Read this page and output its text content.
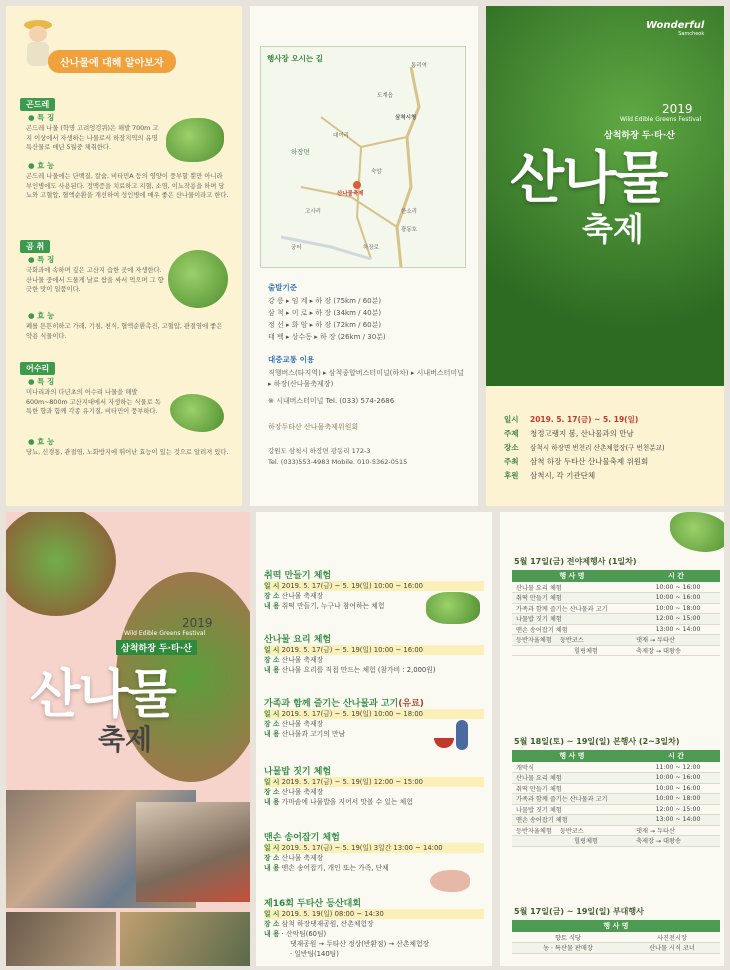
산나물에 대해 알아보자
곤드레
● 특 징
곤드레 나물 (학명 고려엉겅퀴)은 해발 700m 고지 이상에서 자생하는 나물로서 하장지역의 유명 특산물로 매년 5월중 채취한다.
● 효 능
곤드레 나물에는 단백질, 칼슘, 비타민A 등의 영양이 풍부할 뿐만 아니라 부인병에도 사용된다. 정맥증을 치료하고 지혈, 소염, 이뇨작용을 하며 당뇨와 고혈압, 혈액순환을 개선하여 성인병에 매우 좋은 산나물이라고 한다.
곰 취
● 특 징
국화과에 속하며 깊은 고산지 습한 곳에 자생한다. 산나물 중에서 드물게 날로 쌈을 싸서 먹으며 그 향긋한 맛이 일품이다.
● 효 능
폐를 튼튼히하고 가래, 기침, 천식, 혈액순환촉진, 고혈압, 관절염에 좋은 약용 식물이다.
어수리
● 특 징
미나리과의 다년초의 어수리 나물을 해발 600m~800m 고산지대에서 자생하는 식물로 독특한 향과 함께 각종 유기질, 비타민이 풍부하다.
● 효 능
당뇨, 신경통, 관절염, 노화방지에 뛰어난 효능이 있는 것으로 알려져 있다.
행사장 오시는 길
통리역
도계읍
삼척시청
하장면
대이리
산나물축제
숙암
고사리	한소리
광동호
하장로
궁터
출발기준
강 릉 ▸ 임 계 ▸ 하 장 (75km / 60분)
삼 척 ▸ 미 로 ▸ 하 장 (34km / 40분)
정 선 ▸ 화 암 ▸ 하 장 (72km / 60분)
태 백 ▸ 상수동 ▸ 하 장 (26km / 30분)
대중교통 이용
직행버스(타지역) ▸ 삼척종합버스터미널(하차) ▸ 시내버스터미널 ▸ 하장(산나물축제장)
※ 시내버스터미널 Tel. (033) 574-2686
하장두타산 산나물축제위원회
강원도 삼척시 하장면 광동리 172-3
Tel. (033)553-4983 Mobile. 010-5362-0515
Wonderful
Samcheok
2019
Wild Edible Greens Festival
삼척하장 두·타·산
산나물
축제
일시 2019. 5. 17(금) ~ 5. 19(일)
주제 청정고랭지 봄, 산나물과의 만남
장소 삼척시 하장면 번천리 산촌체험장(구 번천분교)
주최 삼척 하장 두타산 산나물축제 위원회
후원 삼척시, 각 기관단체
2019
Wild Edible Greens Festival
삼척하장 두·타·산
산나물
축제
취떡 만들기 체험
일 시 2019. 5. 17(금) ~ 5. 19(일) 10:00 ~ 16:00
장 소 산나물 축제장
내 용 취떡 만들기, 누구나 참여하는 체험
산나물 요리 체험
일 시 2019. 5. 17(금) ~ 5. 19(일) 10:00 ~ 16:00
장 소 산나물 축제장
내 용 산나물 요리를 직접 만드는 체험 (참가비 : 2,000원)
가족과 함께 즐기는 산나물과 고기(유료)
일 시 2019. 5. 17(금) ~ 5. 19(일) 10:00 ~ 18:00
장 소 산나물 축제장
내 용 산나물과 고기의 만남
나물밥 짓기 체험
일 시 2019. 5. 17(금) ~ 5. 19(일) 12:00 ~ 15:00
장 소 산나물 축제장
내 용 가마솥에 나물밥을 지어서 맛볼 수 있는 체험
맨손 송어잡기 체험
일 시 2019. 5. 17(금) ~ 5. 19(일) 3일간 13:00 ~ 14:00
장 소 산나물 축제장
내 용 맨손 송어잡기, 개인 또는 가족, 단체
제16회 두타산 등산대회
일 시 2019. 5. 19(일) 08:00 ~ 14:30
장 소 삼척 하장댓재공원, 산촌체험장
내 용 · 산악팀(60팀)
댓재공원 → 두타산 정상(반환점) → 산촌체험장
· 일반팀(140팀)
5월 17일(금) 전야제행사 (1일차)
행 사 명	시 간
산나물 요리 체험	10:00 ~ 16:00
취떡 만들기 체험	10:00 ~ 16:00
가족과 함께 즐기는 산나물과 고기	10:00 ~ 18:00
나물밥 짓기 체험	12:00 ~ 15:00
맨손 송어잡기 체험	13:00 ~ 14:00
등반자율체험 둥반코스	댓재 → 두타산
힐링체험	축제장 → 대왕송
5월 18일(토) ~ 19일(일) 본행사 (2~3일차)
행 사 명	시 간
개막식	11:00 ~ 12:00
산나물 요리 체험	10:00 ~ 16:00
취떡 만들기 체험	10:00 ~ 16:00
가족과 함께 즐기는 산나물과 고기	10:00 ~ 18:00
나물밥 짓기 체험	12:00 ~ 15:00
맨손 송어잡기 체험	13:00 ~ 14:00
등반자율체험 둥반코스	댓재 → 두타산
힐링체험	축제장 → 대왕송
5월 17일(금) ~ 19일(일) 부대행사
행 사 명	
향토 식당	사진전시장
농 · 특산물 판매장	산나물 시식 코너
